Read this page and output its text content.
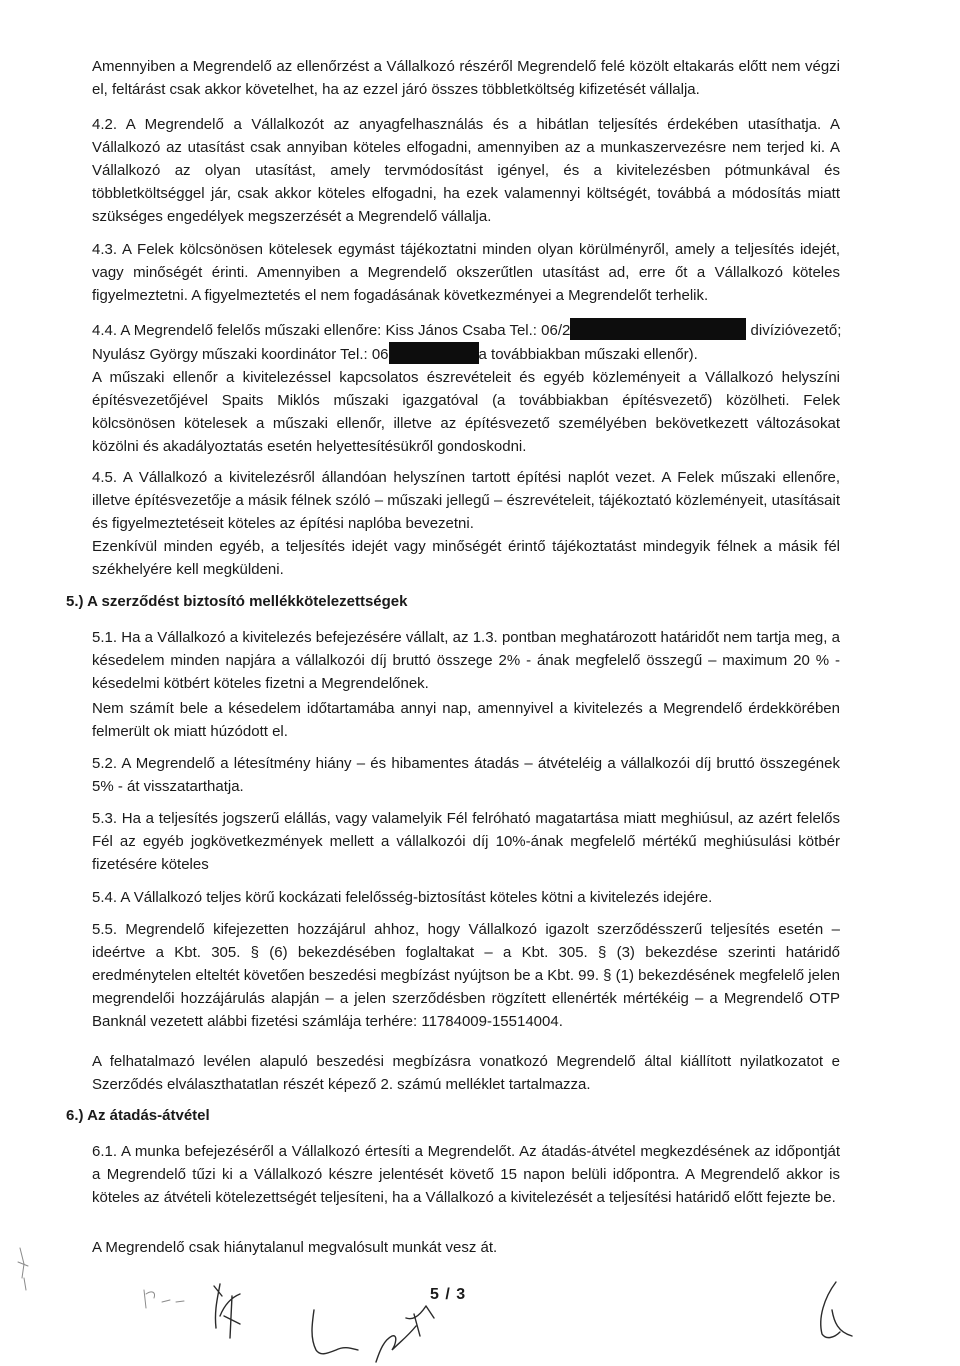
Amennyiben a Megrendelő az ellenőrzést a Vállalkozó részéről Megrendelő felé közölt eltakarás előtt nem végzi el, feltárást csak akkor követelhet, ha az ezzel járó összes többletköltség kifizetését vállalja.

4.2. A Megrendelő a Vállalkozót az anyagfelhasználás és a hibátlan teljesítés érdekében utasíthatja. A Vállalkozó az utasítást csak annyiban köteles elfogadni, amennyiben az a munkaszervezésre nem terjed ki. A Vállalkozó az olyan utasítást, amely tervmódosítást igényel, és a kivitelezésben pótmunkával és többletköltséggel jár, csak akkor köteles elfogadni, ha ezek valamennyi költségét, továbbá a módosítás miatt szükséges engedélyek megszerzését a Megrendelő vállalja.

4.3. A Felek kölcsönösen kötelesek egymást tájékoztatni minden olyan körülményről, amely a teljesítés idejét, vagy minőségét érinti. Amennyiben a Megrendelő okszerűtlen utasítást ad, erre őt a Vállalkozó köteles figyelmeztetni. A figyelmeztetés el nem fogadásának következményei a Megrendelőt terhelik.

4.4. A Megrendelő felelős műszaki ellenőre: Kiss János Csaba Tel.: 06/2	divízióvezető;
Nyulász György műszaki koordinátor Tel.: 06	a továbbiakban műszaki ellenőr).
A műszaki ellenőr a kivitelezéssel kapcsolatos észrevételeit és egyéb közleményeit a Vállalkozó helyszíni építésvezetőjével Spaits Miklós műszaki igazgatóval (a továbbiakban építésvezető) közölheti. Felek kölcsönösen kötelesek a műszaki ellenőr, illetve az építésvezető személyében bekövetkezett változásokat közölni és akadályoztatás esetén helyettesítésükről gondoskodni.

4.5. A Vállalkozó a kivitelezésről állandóan helyszínen tartott építési naplót vezet. A Felek műszaki ellenőre, illetve építésvezetője a másik félnek szóló – műszaki jellegű – észrevételeit, tájékoztató közleményeit, utasításait és figyelmeztetéseit köteles az építési naplóba bevezetni.

Ezenkívül minden egyéb, a teljesítés idejét vagy minőségét érintő tájékoztatást mindegyik félnek a másik fél székhelyére kell megküldeni.

5.) A szerződést biztosító mellékkötelezettségek

5.1. Ha a Vállalkozó a kivitelezés befejezésére vállalt, az 1.3. pontban meghatározott határidőt nem tartja meg, a késedelem minden napjára a vállalkozói díj bruttó összege 2% - ának megfelelő összegű – maximum 20 % - késedelmi kötbért köteles fizetni a Megrendelőnek.

Nem számít bele a késedelem időtartamába annyi nap, amennyivel a kivitelezés a Megrendelő érdekkörében felmerült ok miatt húzódott el.

5.2. A Megrendelő a létesítmény hiány – és hibamentes átadás – átvételéig a vállalkozói díj bruttó összegének 5% - át visszatarthatja.

5.3. Ha a teljesítés jogszerű elállás, vagy valamelyik Fél felróható magatartása miatt meghiúsul, az azért felelős Fél az egyéb jogkövetkezmények mellett a vállalkozói díj 10%-ának megfelelő mértékű meghiúsulási kötbér fizetésére köteles

5.4. A Vállalkozó teljes körű kockázati felelősség-biztosítást köteles kötni a kivitelezés idejére.

5.5. Megrendelő kifejezetten hozzájárul ahhoz, hogy Vállalkozó igazolt szerződésszerű teljesítés esetén – ideértve a Kbt. 305. § (6) bekezdésében foglaltakat – a Kbt. 305. § (3) bekezdése szerinti határidő eredménytelen elteltét követően beszedési megbízást nyújtson be a Kbt. 99. § (1) bekezdésének megfelelő jelen megrendelői hozzájárulás alapján – a jelen szerződésben rögzített ellenérték mértékéig – a Megrendelő OTP Banknál vezetett alábbi fizetési számlája terhére: 11784009-15514004.

A felhatalmazó levélen alapuló beszedési megbízásra vonatkozó Megrendelő által kiállított nyilatkozatot e Szerződés elválaszthatatlan részét képező 2. számú melléklet tartalmazza.

6.) Az átadás-átvétel

6.1. A munka befejezéséről a Vállalkozó értesíti a Megrendelőt. Az átadás-átvétel megkezdésének az időpontját a Megrendelő tűzi ki a Vállalkozó készre jelentését követő 15 napon belüli időpontra. A Megrendelő akkor is köteles az átvételi kötelezettségét teljesíteni, ha a Vállalkozó a kivitelezését a teljesítési határidő előtt fejezte be.

A Megrendelő csak hiánytalanul megvalósult munkát vesz át.

5 / 3
